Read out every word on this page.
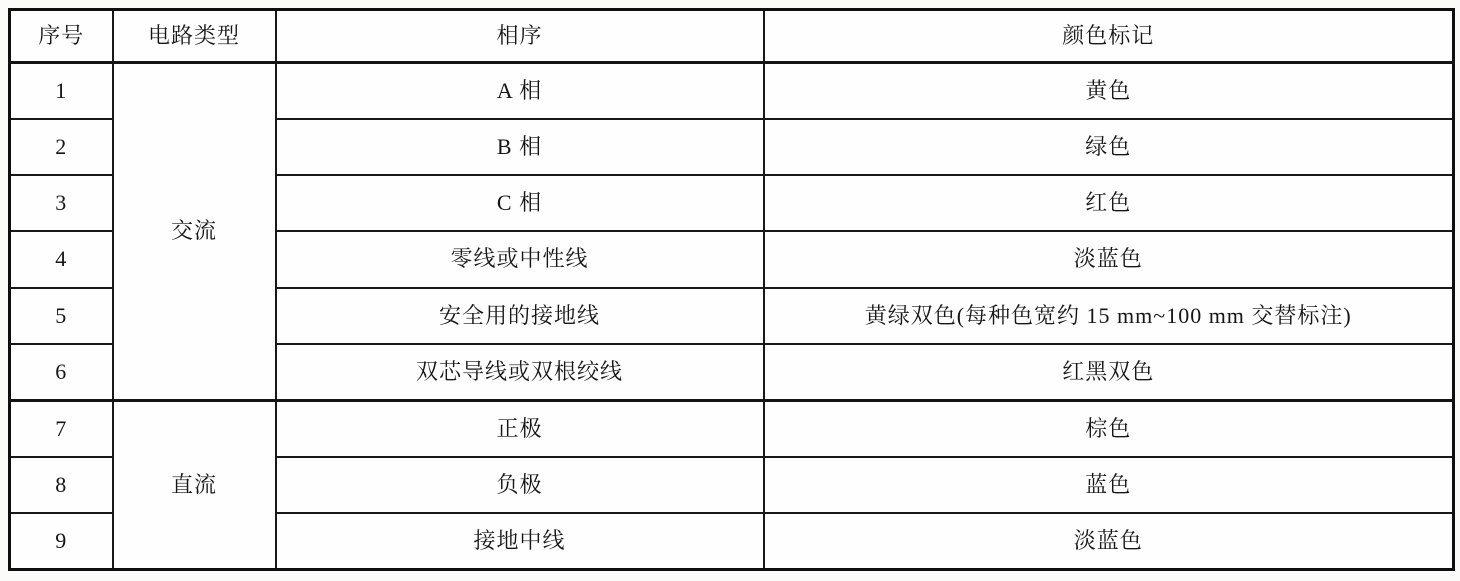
序号	电路类型	相序	颜色标记
1	交流	A 相	黄色
2		B 相	绿色
3		C 相	红色
4		零线或中性线	淡蓝色
5		安全用的接地线	黄绿双色(每种色宽约 15 mm~100 mm 交替标注)
6		双芯导线或双根绞线	红黑双色
7	直流	正极	棕色
8		负极	蓝色
9		接地中线	淡蓝色
